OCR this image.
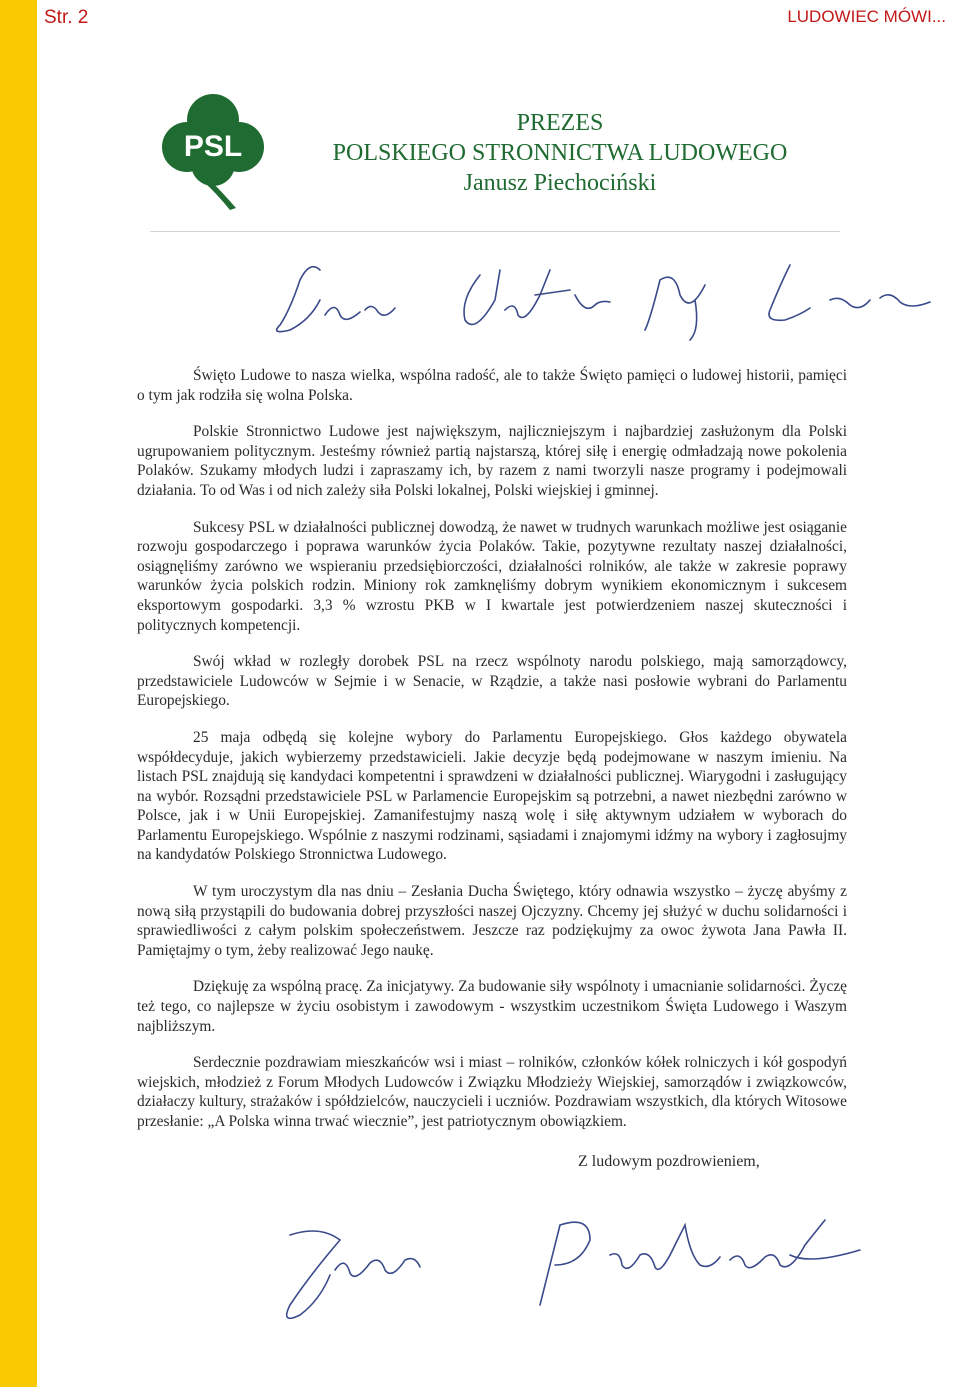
Str. 2	LUDOWIEC MÓWI...
PSL
PREZES
POLSKIEGO STRONNICTWA LUDOWEGO
Janusz Piechociński

Święto Ludowe to nasza wielka, wspólna radość, ale to także Święto pamięci o ludowej historii, pamięci o tym jak rodziła się wolna Polska.

Polskie Stronnictwo Ludowe jest największym, najliczniejszym i najbardziej zasłużonym dla Polski ugrupowaniem politycznym. Jesteśmy również partią najstarszą, której siłę i energię odmładzają nowe pokolenia Polaków. Szukamy młodych ludzi i zapraszamy ich, by razem z nami tworzyli nasze programy i podejmowali działania. To od Was i od nich zależy siła Polski lokalnej, Polski wiejskiej i gminnej.

Sukcesy PSL w działalności publicznej dowodzą, że nawet w trudnych warunkach możliwe jest osiąganie rozwoju gospodarczego i poprawa warunków życia Polaków. Takie, pozytywne rezultaty naszej działalności, osiągnęliśmy zarówno we wspieraniu przedsiębiorczości, działalności rolników, ale także w zakresie poprawy warunków życia polskich rodzin. Miniony rok zamknęliśmy dobrym wynikiem ekonomicznym i sukcesem eksportowym gospodarki. 3,3 % wzrostu PKB w I kwartale jest potwierdzeniem naszej skuteczności i politycznych kompetencji.

Swój wkład w rozległy dorobek PSL na rzecz wspólnoty narodu polskiego, mają samorządowcy, przedstawiciele Ludowców w Sejmie i w Senacie, w Rządzie, a także nasi posłowie wybrani do Parlamentu Europejskiego.

25 maja odbędą się kolejne wybory do Parlamentu Europejskiego. Głos każdego obywatela współdecyduje, jakich wybierzemy przedstawicieli. Jakie decyzje będą podejmowane w naszym imieniu. Na listach PSL znajdują się kandydaci kompetentni i sprawdzeni w działalności publicznej. Wiarygodni i zasługujący na wybór. Rozsądni przedstawiciele PSL w Parlamencie Europejskim są potrzebni, a nawet niezbędni zarówno w Polsce, jak i w Unii Europejskiej. Zamanifestujmy naszą wolę i siłę aktywnym udziałem w wyborach do Parlamentu Europejskiego. Wspólnie z naszymi rodzinami, sąsiadami i znajomymi idźmy na wybory i zagłosujmy na kandydatów Polskiego Stronnictwa Ludowego.

W tym uroczystym dla nas dniu – Zesłania Ducha Świętego, który odnawia wszystko – życzę abyśmy z nową siłą przystąpili do budowania dobrej przyszłości naszej Ojczyzny. Chcemy jej służyć w duchu solidarności i sprawiedliwości z całym polskim społeczeństwem. Jeszcze raz podziękujmy za owoc żywota Jana Pawła II. Pamiętajmy o tym, żeby realizować Jego naukę.

Dziękuję za wspólną pracę. Za inicjatywy. Za budowanie siły wspólnoty i umacnianie solidarności. Życzę też tego, co najlepsze w życiu osobistym i zawodowym - wszystkim uczestnikom Święta Ludowego i Waszym najbliższym.

Serdecznie pozdrawiam mieszkańców wsi i miast – rolników, członków kółek rolniczych i kół gospodyń wiejskich, młodzież z Forum Młodych Ludowców i Związku Młodzieży Wiejskiej, samorządów i związkowców, działaczy kultury, strażaków i spółdzielców, nauczycieli i uczniów. Pozdrawiam wszystkich, dla których Witosowe przesłanie: „A Polska winna trwać wiecznie”, jest patriotycznym obowiązkiem.

Z ludowym pozdrowieniem,
